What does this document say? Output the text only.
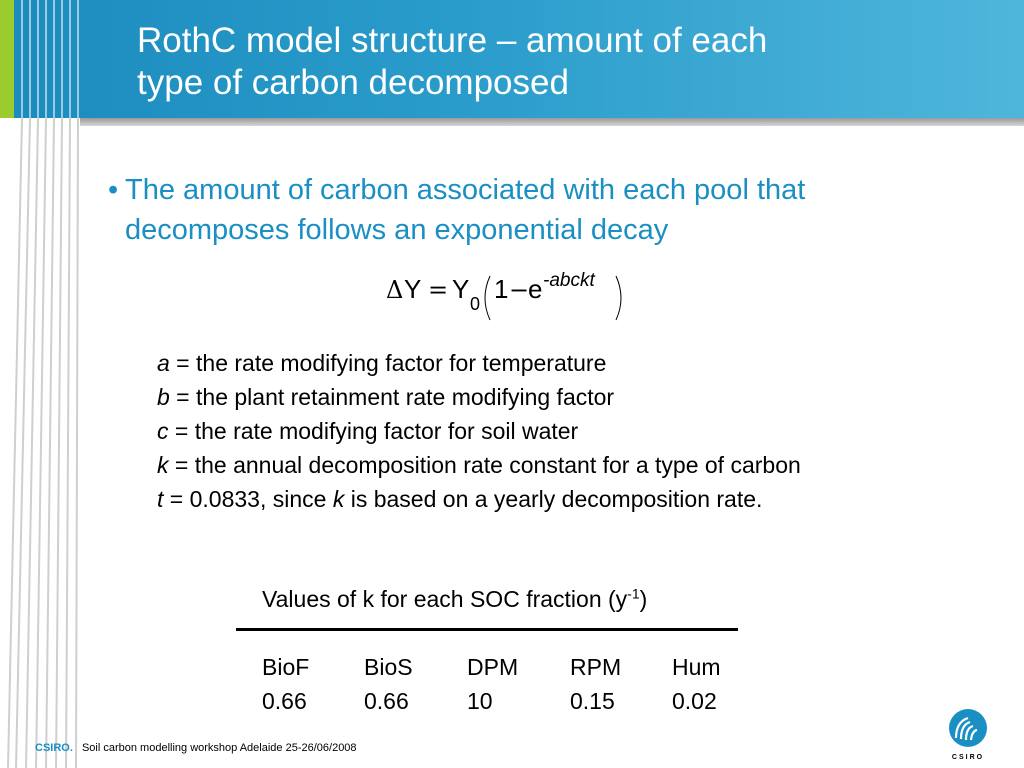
RothC model structure – amount of each
type of carbon decomposed
• The amount of carbon associated with each pool that
decomposes follows an exponential decay
Δ Y = Y 0 1 −
e -abckt
a = the rate modifying factor for temperature
b = the plant retainment rate modifying factor
c = the rate modifying factor for soil water
k = the annual decomposition rate constant for a type of carbon
t = 0.0833, since k is based on a yearly decomposition rate.
Values of k for each SOC fraction $(y^{-1})$
BioF BioS DPM RPM Hum
0.66 0.66	10	0.15 0.02
CSIRO. Soil carbon modelling workshop Adelaide 25-26/06/2008
CSIRO
